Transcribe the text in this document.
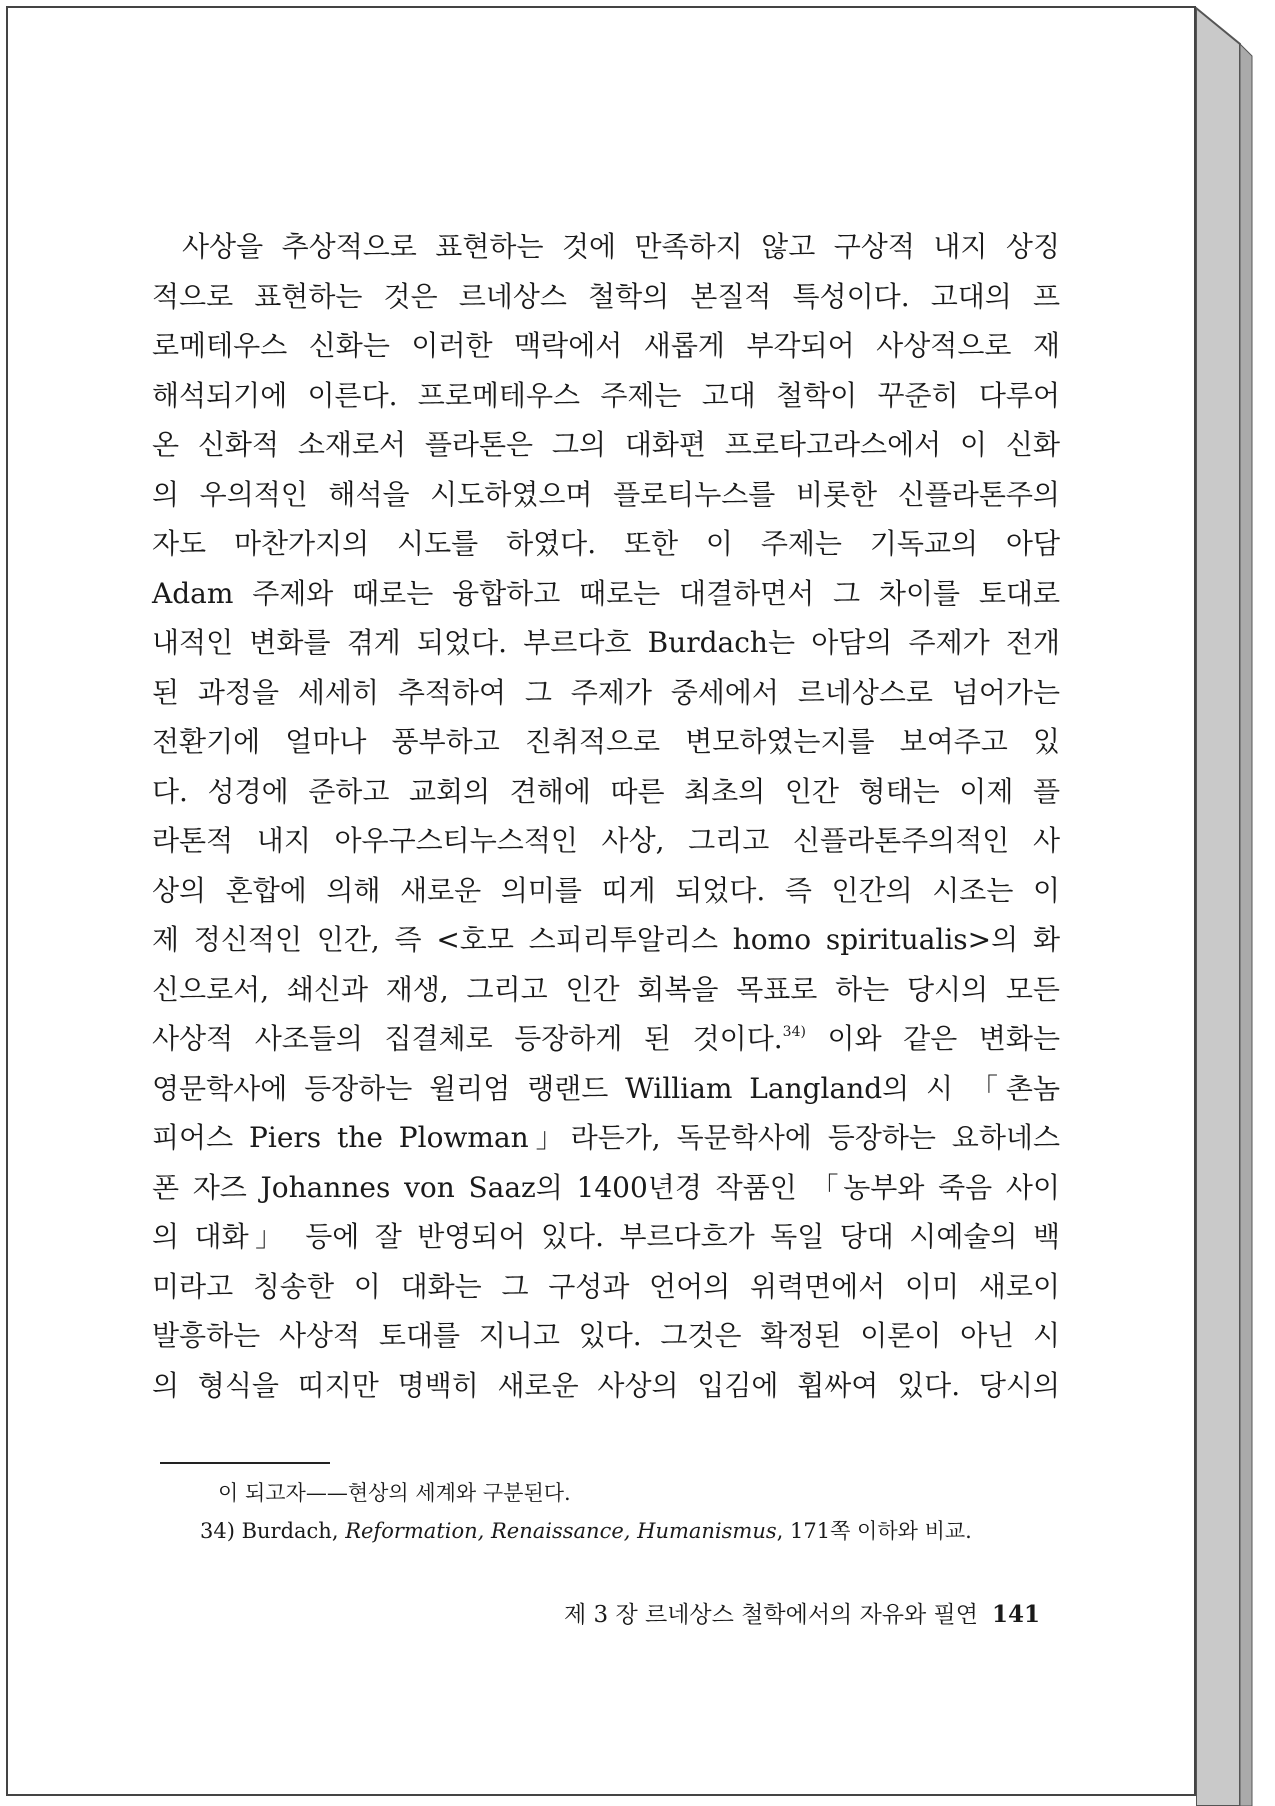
사상을 추상적으로 표현하는 것에 만족하지 않고 구상적 내지 상징
적으로 표현하는 것은 르네상스 철학의 본질적 특성이다. 고대의 프
로메테우스 신화는 이러한 맥락에서 새롭게 부각되어 사상적으로 재
해석되기에 이른다. 프로메테우스 주제는 고대 철학이 꾸준히 다루어
온 신화적 소재로서 플라톤은 그의 대화편 프로타고라스에서 이 신화
의 우의적인 해석을 시도하였으며 플로티누스를 비롯한 신플라톤주의
자도 마찬가지의 시도를 하였다. 또한 이 주제는 기독교의 아담
Adam 주제와 때로는 융합하고 때로는 대결하면서 그 차이를 토대로
내적인 변화를 겪게 되었다. 부르다흐 Burdach는 아담의 주제가 전개
된 과정을 세세히 추적하여 그 주제가 중세에서 르네상스로 넘어가는
전환기에 얼마나 풍부하고 진취적으로 변모하였는지를 보여주고 있
다. 성경에 준하고 교회의 견해에 따른 최초의 인간 형태는 이제 플
라톤적 내지 아우구스티누스적인 사상, 그리고 신플라톤주의적인 사
상의 혼합에 의해 새로운 의미를 띠게 되었다. 즉 인간의 시조는 이
제 정신적인 인간, 즉 <호모 스피리투알리스 homo spiritualis>의 화
신으로서, 쇄신과 재생, 그리고 인간 회복을 목표로 하는 당시의 모든
사상적 사조들의 집결체로 등장하게 된 것이다.$^{34)}$ 이와 같은 변화는
영문학사에 등장하는 윌리엄 랭랜드 William Langland의 시 「촌놈
피어스 Piers the Plowman」라든가, 독문학사에 등장하는 요하네스
폰 자즈 Johannes von Saaz의 1400년경 작품인 「농부와 죽음 사이
의 대화」 등에 잘 반영되어 있다. 부르다흐가 독일 당대 시예술의 백
미라고 칭송한 이 대화는 그 구성과 언어의 위력면에서 이미 새로이
발흥하는 사상적 토대를 지니고 있다. 그것은 확정된 이론이 아닌 시
의 형식을 띠지만 명백히 새로운 사상의 입김에 휩싸여 있다. 당시의
이 되고자——현상의 세계와 구분된다.
34) Burdach, Reformation, Renaissance, Humanismus, 171쪽 이하와 비교.
제 3 장 르네상스 철학에서의 자유와 필연 141
